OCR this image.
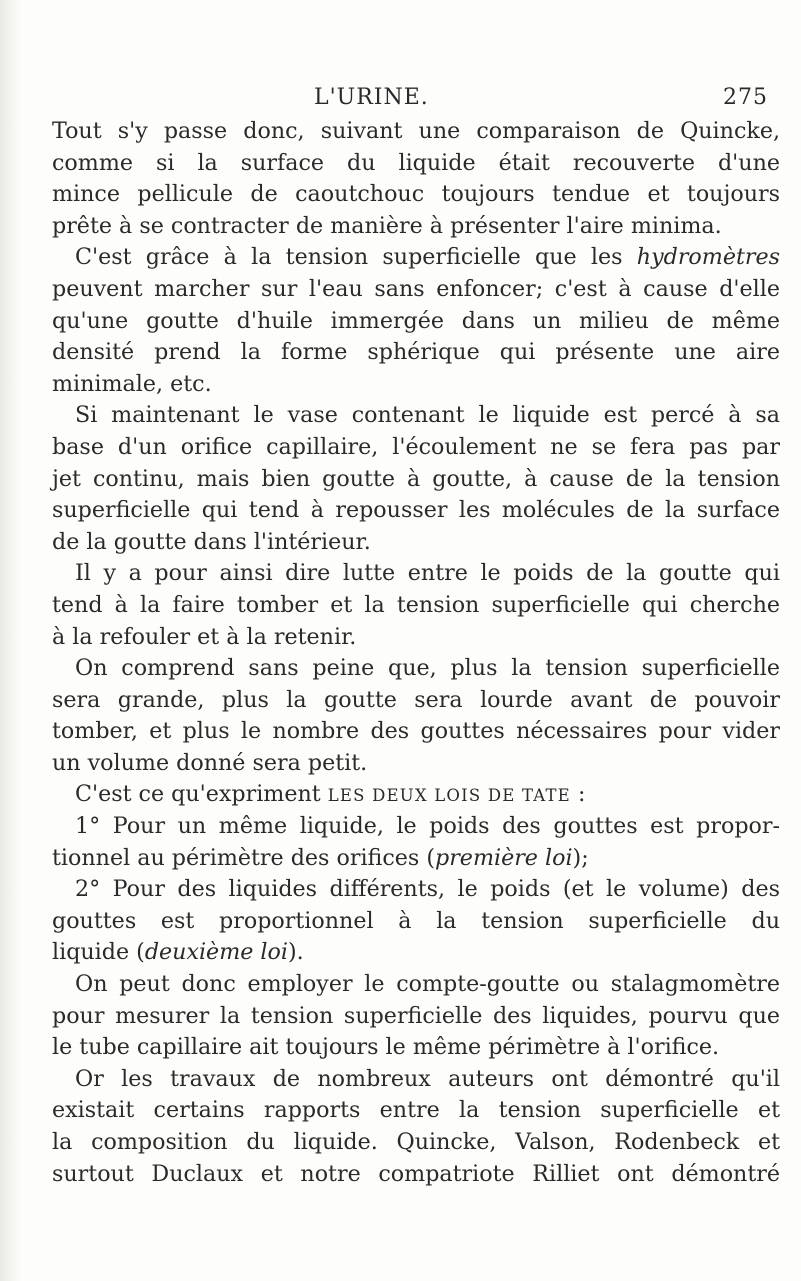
L'URINE.	275
Tout s'y passe donc, suivant une comparaison de Quincke,
comme si la surface du liquide était recouverte d'une
mince pellicule de caoutchouc toujours tendue et toujours
prête à se contracter de manière à présenter l'aire minima.
C'est grâce à la tension superficielle que les hydromètres
peuvent marcher sur l'eau sans enfoncer; c'est à cause d'elle
qu'une goutte d'huile immergée dans un milieu de même
densité prend la forme sphérique qui présente une aire
minimale, etc.
Si maintenant le vase contenant le liquide est percé à sa
base d'un orifice capillaire, l'écoulement ne se fera pas par
jet continu, mais bien goutte à goutte, à cause de la tension
superficielle qui tend à repousser les molécules de la surface
de la goutte dans l'intérieur.
Il y a pour ainsi dire lutte entre le poids de la goutte qui
tend à la faire tomber et la tension superficielle qui cherche
à la refouler et à la retenir.
On comprend sans peine que, plus la tension superficielle
sera grande, plus la goutte sera lourde avant de pouvoir
tomber, et plus le nombre des gouttes nécessaires pour vider
un volume donné sera petit.
C'est ce qu'expriment LES DEUX LOIS DE TATE :
1° Pour un même liquide, le poids des gouttes est propor-
tionnel au périmètre des orifices (première loi);
2° Pour des liquides différents, le poids (et le volume) des
gouttes est proportionnel à la tension superficielle du
liquide (deuxième loi).
On peut donc employer le compte-goutte ou stalagmomètre
pour mesurer la tension superficielle des liquides, pourvu que
le tube capillaire ait toujours le même périmètre à l'orifice.
Or les travaux de nombreux auteurs ont démontré qu'il
existait certains rapports entre la tension superficielle et
la composition du liquide. Quincke, Valson, Rodenbeck et
surtout Duclaux et notre compatriote Rilliet ont démontré
